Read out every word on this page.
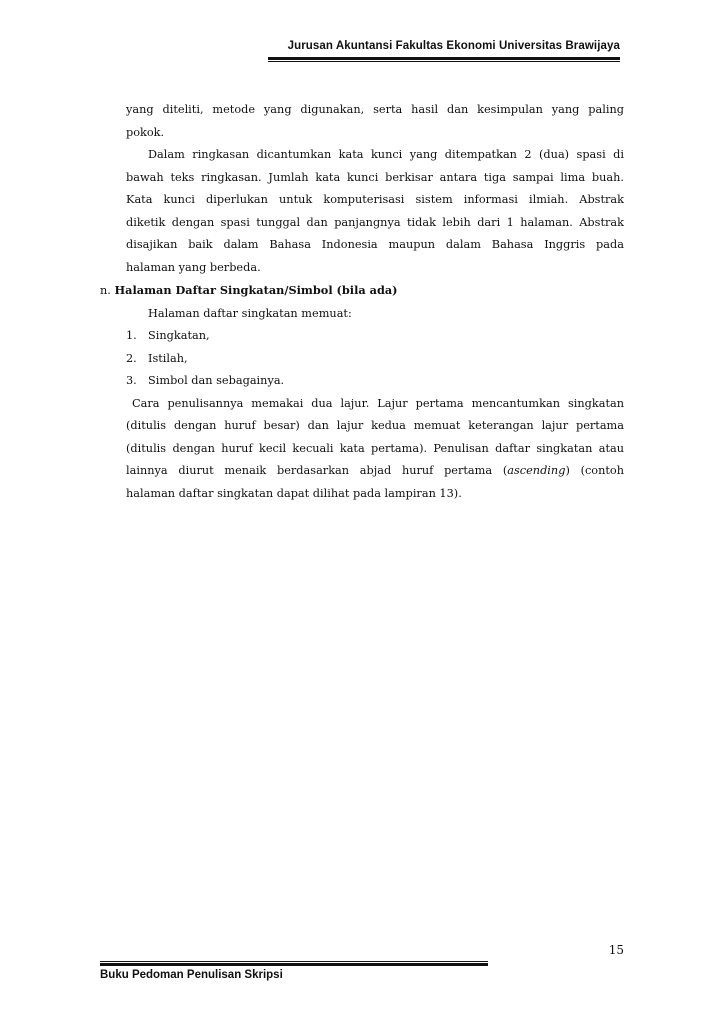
Jurusan Akuntansi Fakultas Ekonomi Universitas Brawijaya
yang diteliti, metode yang digunakan, serta hasil dan kesimpulan yang paling
pokok.
Dalam ringkasan dicantumkan kata kunci yang ditempatkan 2 (dua) spasi di
bawah teks ringkasan. Jumlah kata kunci berkisar antara tiga sampai lima buah.
Kata kunci diperlukan untuk komputerisasi sistem informasi ilmiah. Abstrak
diketik dengan spasi tunggal dan panjangnya tidak lebih dari 1 halaman. Abstrak
disajikan baik dalam Bahasa Indonesia maupun dalam Bahasa Inggris pada
halaman yang berbeda.
n. Halaman Daftar Singkatan/Simbol (bila ada)
Halaman daftar singkatan memuat:
1. Singkatan,
2. Istilah,
3. Simbol dan sebagainya.
Cara penulisannya memakai dua lajur. Lajur pertama mencantumkan singkatan
(ditulis dengan huruf besar) dan lajur kedua memuat keterangan lajur pertama
(ditulis dengan huruf kecil kecuali kata pertama). Penulisan daftar singkatan atau
lainnya diurut menaik berdasarkan abjad huruf pertama (ascending) (contoh
halaman daftar singkatan dapat dilihat pada lampiran 13).
15
Buku Pedoman Penulisan Skripsi
